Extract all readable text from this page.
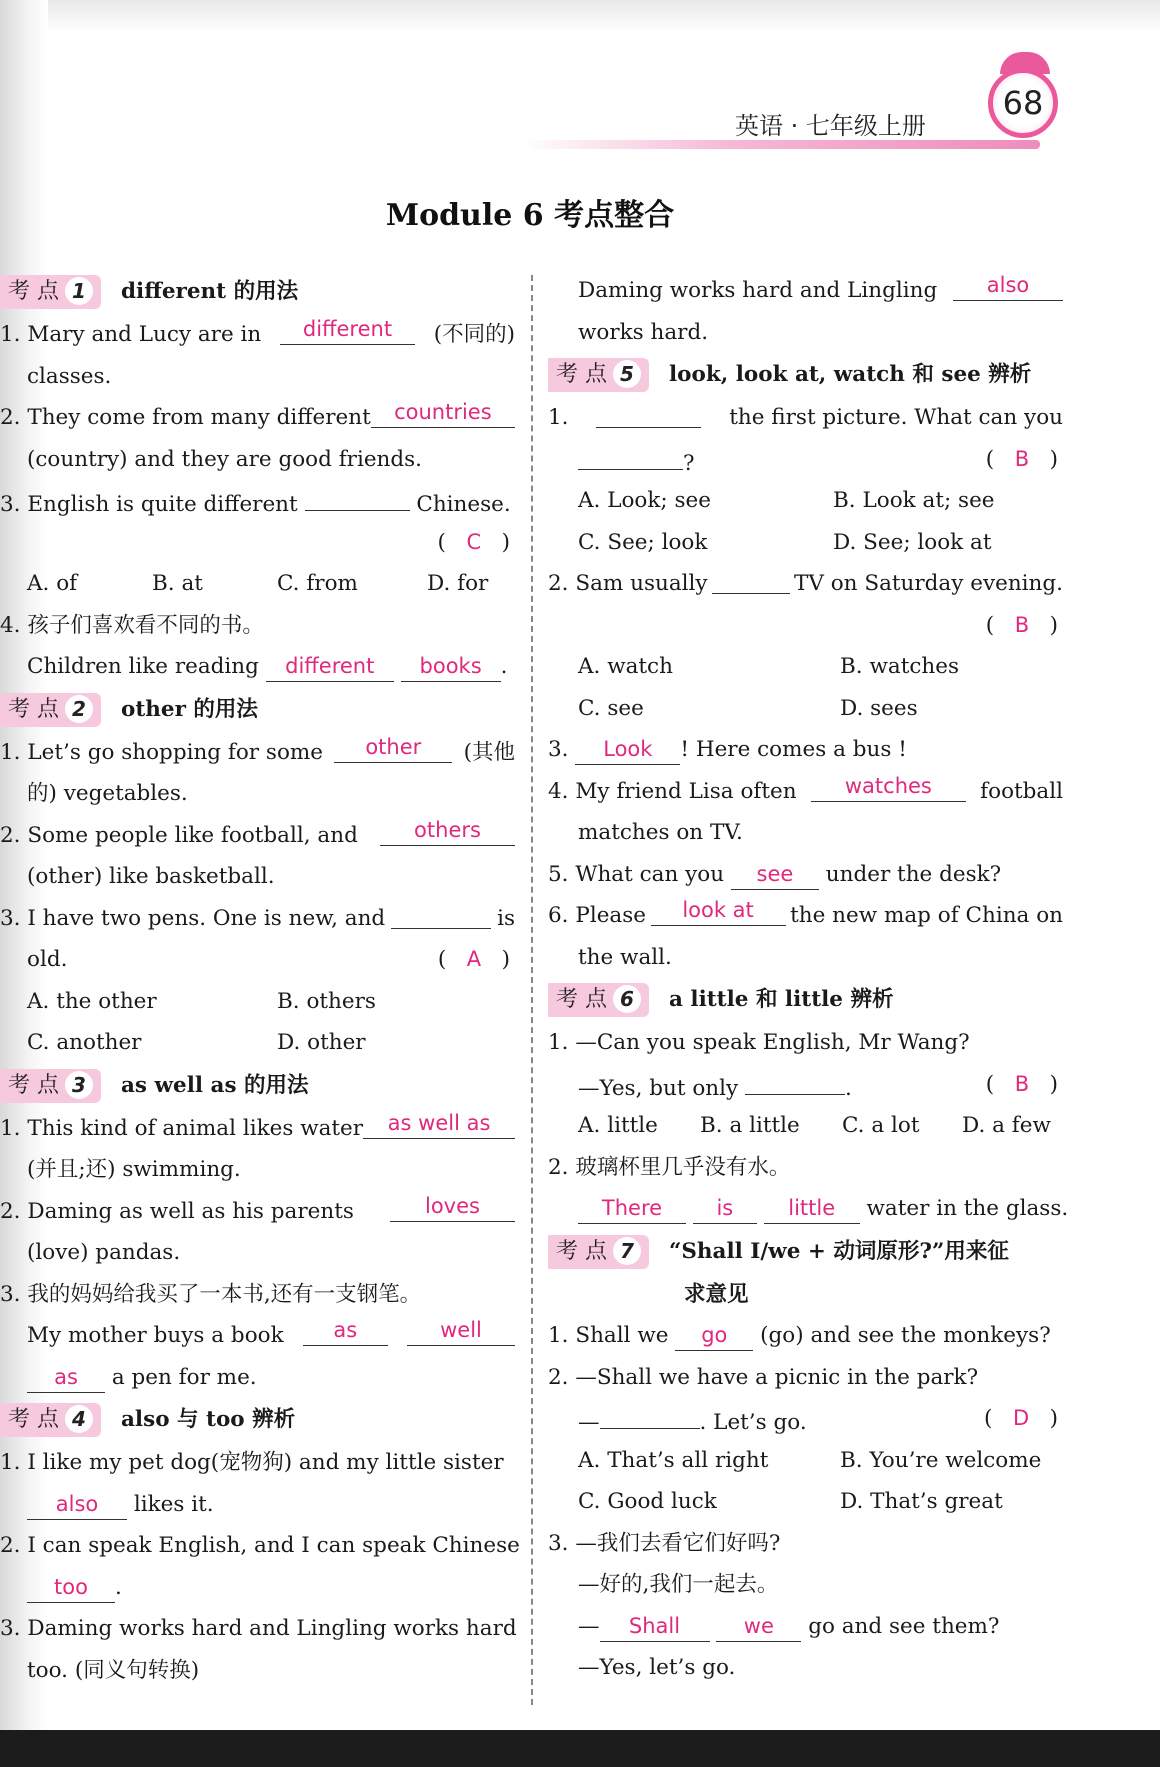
英语 · 七年级上册
68
Module 6 考点整合
考 点 1 different 的用法
1. Mary and Lucy are in	different	(不同的)
classes.
2. They come from many different	countries
(country) and they are good friends.
3. English is quite different	Chinese.
(   C   )
A. of	B. at	C. from	D. for
4. 孩子们喜欢看不同的书。
Children like reading different books .
考 点 2 other 的用法
1. Let’s go shopping for some	other	(其他
的) vegetables.
2. Some people like football, and	others
(other) like basketball.
3. I have two pens. One is new, and	is
old.	(   A   )
A. the other	B. others
C. another	D. other
考 点 3 as well as 的用法
1. This kind of animal likes water	as well as
(并且;还) swimming.
2. Daming as well as his parents	loves
(love) pandas.
3. 我的妈妈给我买了一本书,还有一支钢笔。
My mother buys a book	as	well
as a pen for me.
考 点 4 also 与 too 辨析
1. I like my pet dog(宠物狗) and my little sister
also likes it.
2. I can speak English, and I can speak Chinese
too .
3. Daming works hard and Lingling works hard
too. (同义句转换)
Daming works hard and Lingling	also
works hard.
考 点 5 look, look at, watch 和 see 辨析
1.	the first picture. What can you
?	(   B   )
A. Look; see	B. Look at; see
C. See; look	D. See; look at
2. Sam usually	TV on Saturday evening.
(   B   )
A. watch	B. watches
C. see	D. sees
3. Look ! Here comes a bus !
4. My friend Lisa often	watches	football
matches on TV.
5. What can you see under the desk?
6. Please	look at	the new map of China on
the wall.
考 点 6 a little 和 little 辨析
1. —Can you speak English, Mr Wang?
—Yes, but only	.	(   B   )
A. little B. a little C. a lot D. a few
2. 玻璃杯里几乎没有水。
There	is	little water in the glass.
考 点 7 “Shall I/we + 动词原形?”用来征
求意见
1. Shall we go (go) and see the monkeys?
2. —Shall we have a picnic in the park?
—	. Let’s go.	(   D   )
A. That’s all right	B. You’re welcome
C. Good luck	D. That’s great
3. —我们去看它们好吗?
—好的,我们一起去。
— Shall	we go and see them?
—Yes, let’s go.
